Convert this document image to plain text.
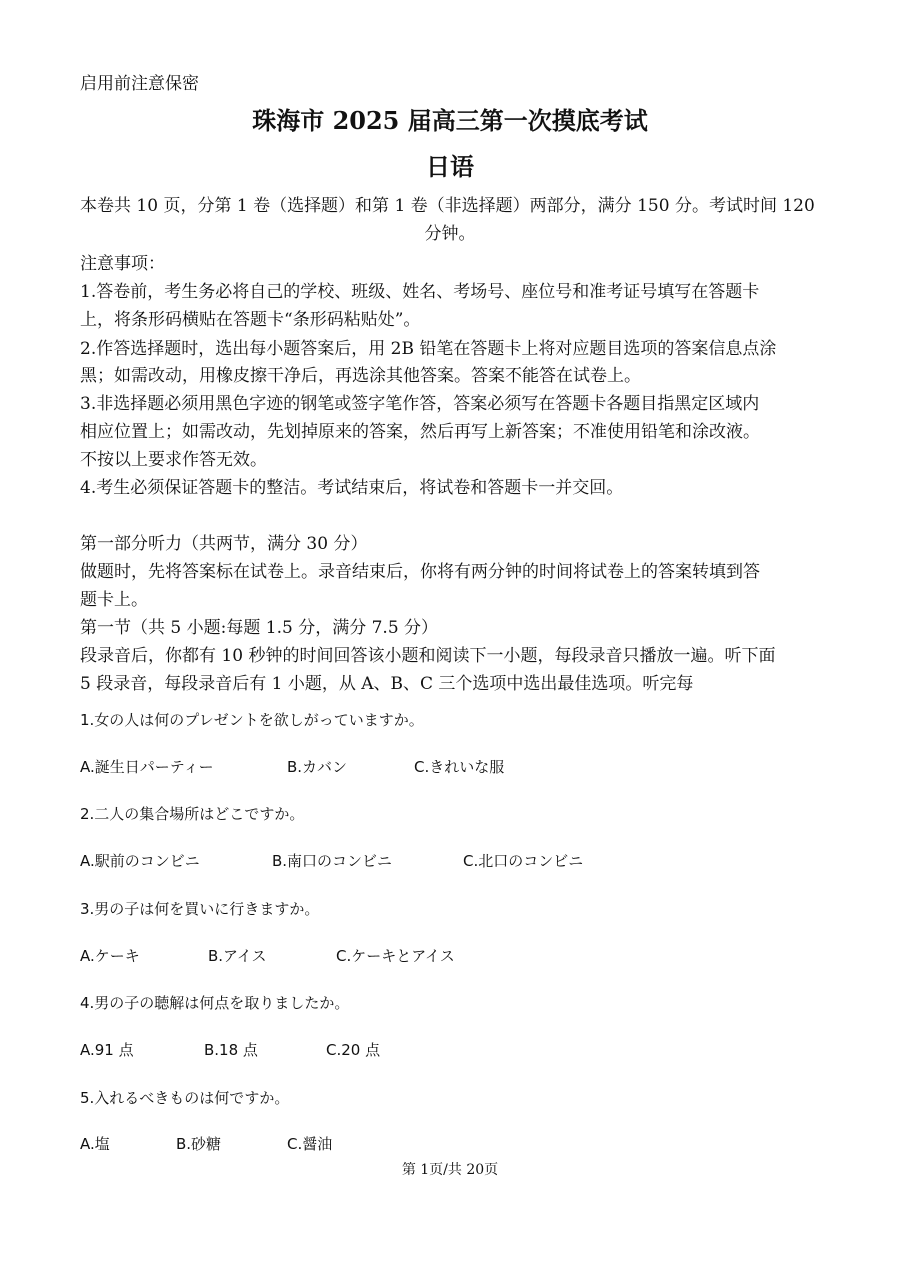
启用前注意保密
珠海市 2025 届高三第一次摸底考试
日语
本卷共 10 页，分第 1 卷（选择题）和第 1 卷（非选择题）两部分，满分 150 分。考试时间 120
分钟。
注意事项：
1.答卷前，考生务必将自己的学校、班级、姓名、考场号、座位号和准考证号填写在答题卡
上，将条形码横贴在答题卡“条形码粘贴处”。
2.作答选择题时，选出每小题答案后，用 2B 铅笔在答题卡上将对应题目选项的答案信息点涂
黑；如需改动，用橡皮擦干净后，再选涂其他答案。答案不能答在试卷上。
3.非选择题必须用黑色字迹的钢笔或签字笔作答，答案必须写在答题卡各题目指黑定区域内
相应位置上；如需改动，先划掉原来的答案，然后再写上新答案；不准使用铅笔和涂改液。
不按以上要求作答无效。
4.考生必须保证答题卡的整洁。考试结束后，将试卷和答题卡一并交回。
第一部分听力（共两节，满分 30 分）
做题时，先将答案标在试卷上。录音结束后，你将有两分钟的时间将试卷上的答案转填到答
题卡上。
第一节（共 5 小题:每题 1.5 分，满分 7.5 分）
段录音后，你都有 10 秒钟的时间回答该小题和阅读下一小题，每段录音只播放一遍。听下面
5 段录音，每段录音后有 1 小题，从 A、B、C 三个选项中选出最佳选项。听完每
1.女の人は何のプレゼントを欲しがっていますか。
A.誕生日パーティー	B.カバン	C.きれいな服
2.二人の集合場所はどこですか。
A.駅前のコンビニ	B.南口のコンビニ	C.北口のコンビニ
3.男の子は何を買いに行きますか。
A.ケーキ	B.アイス	C.ケーキとアイス
4.男の子の聴解は何点を取りましたか。
A.91 点	B.18 点	C.20 点
5.入れるべきものは何ですか。
A.塩	B.砂糖	C.醤油
第 1页/共 20页
